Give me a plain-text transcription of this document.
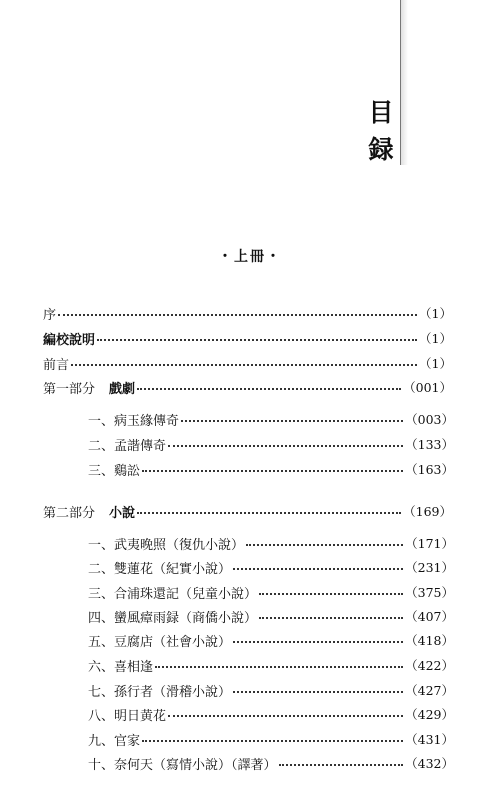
目
録
・上冊・
序	（1）
編校說明	（1）
前言	（1）
第一部分 戲劇	（001）
一、病玉緣傳奇	（003）
二、孟諧傳奇	（133）
三、鷄訟	（163）
第二部分 小說	（169）
一、武夷晚照（復仇小說）	（171）
二、雙蓮花（紀實小說）	（231）
三、合浦珠還記（兒童小說）	（375）
四、蠻風瘴雨録（商僑小說）	（407）
五、豆腐店（社會小說）	（418）
六、喜相逢	（422）
七、孫行者（滑稽小說）	（427）
八、明日黄花	（429）
九、官家	（431）
十、奈何天（寫情小說）（譯著）	（432）
